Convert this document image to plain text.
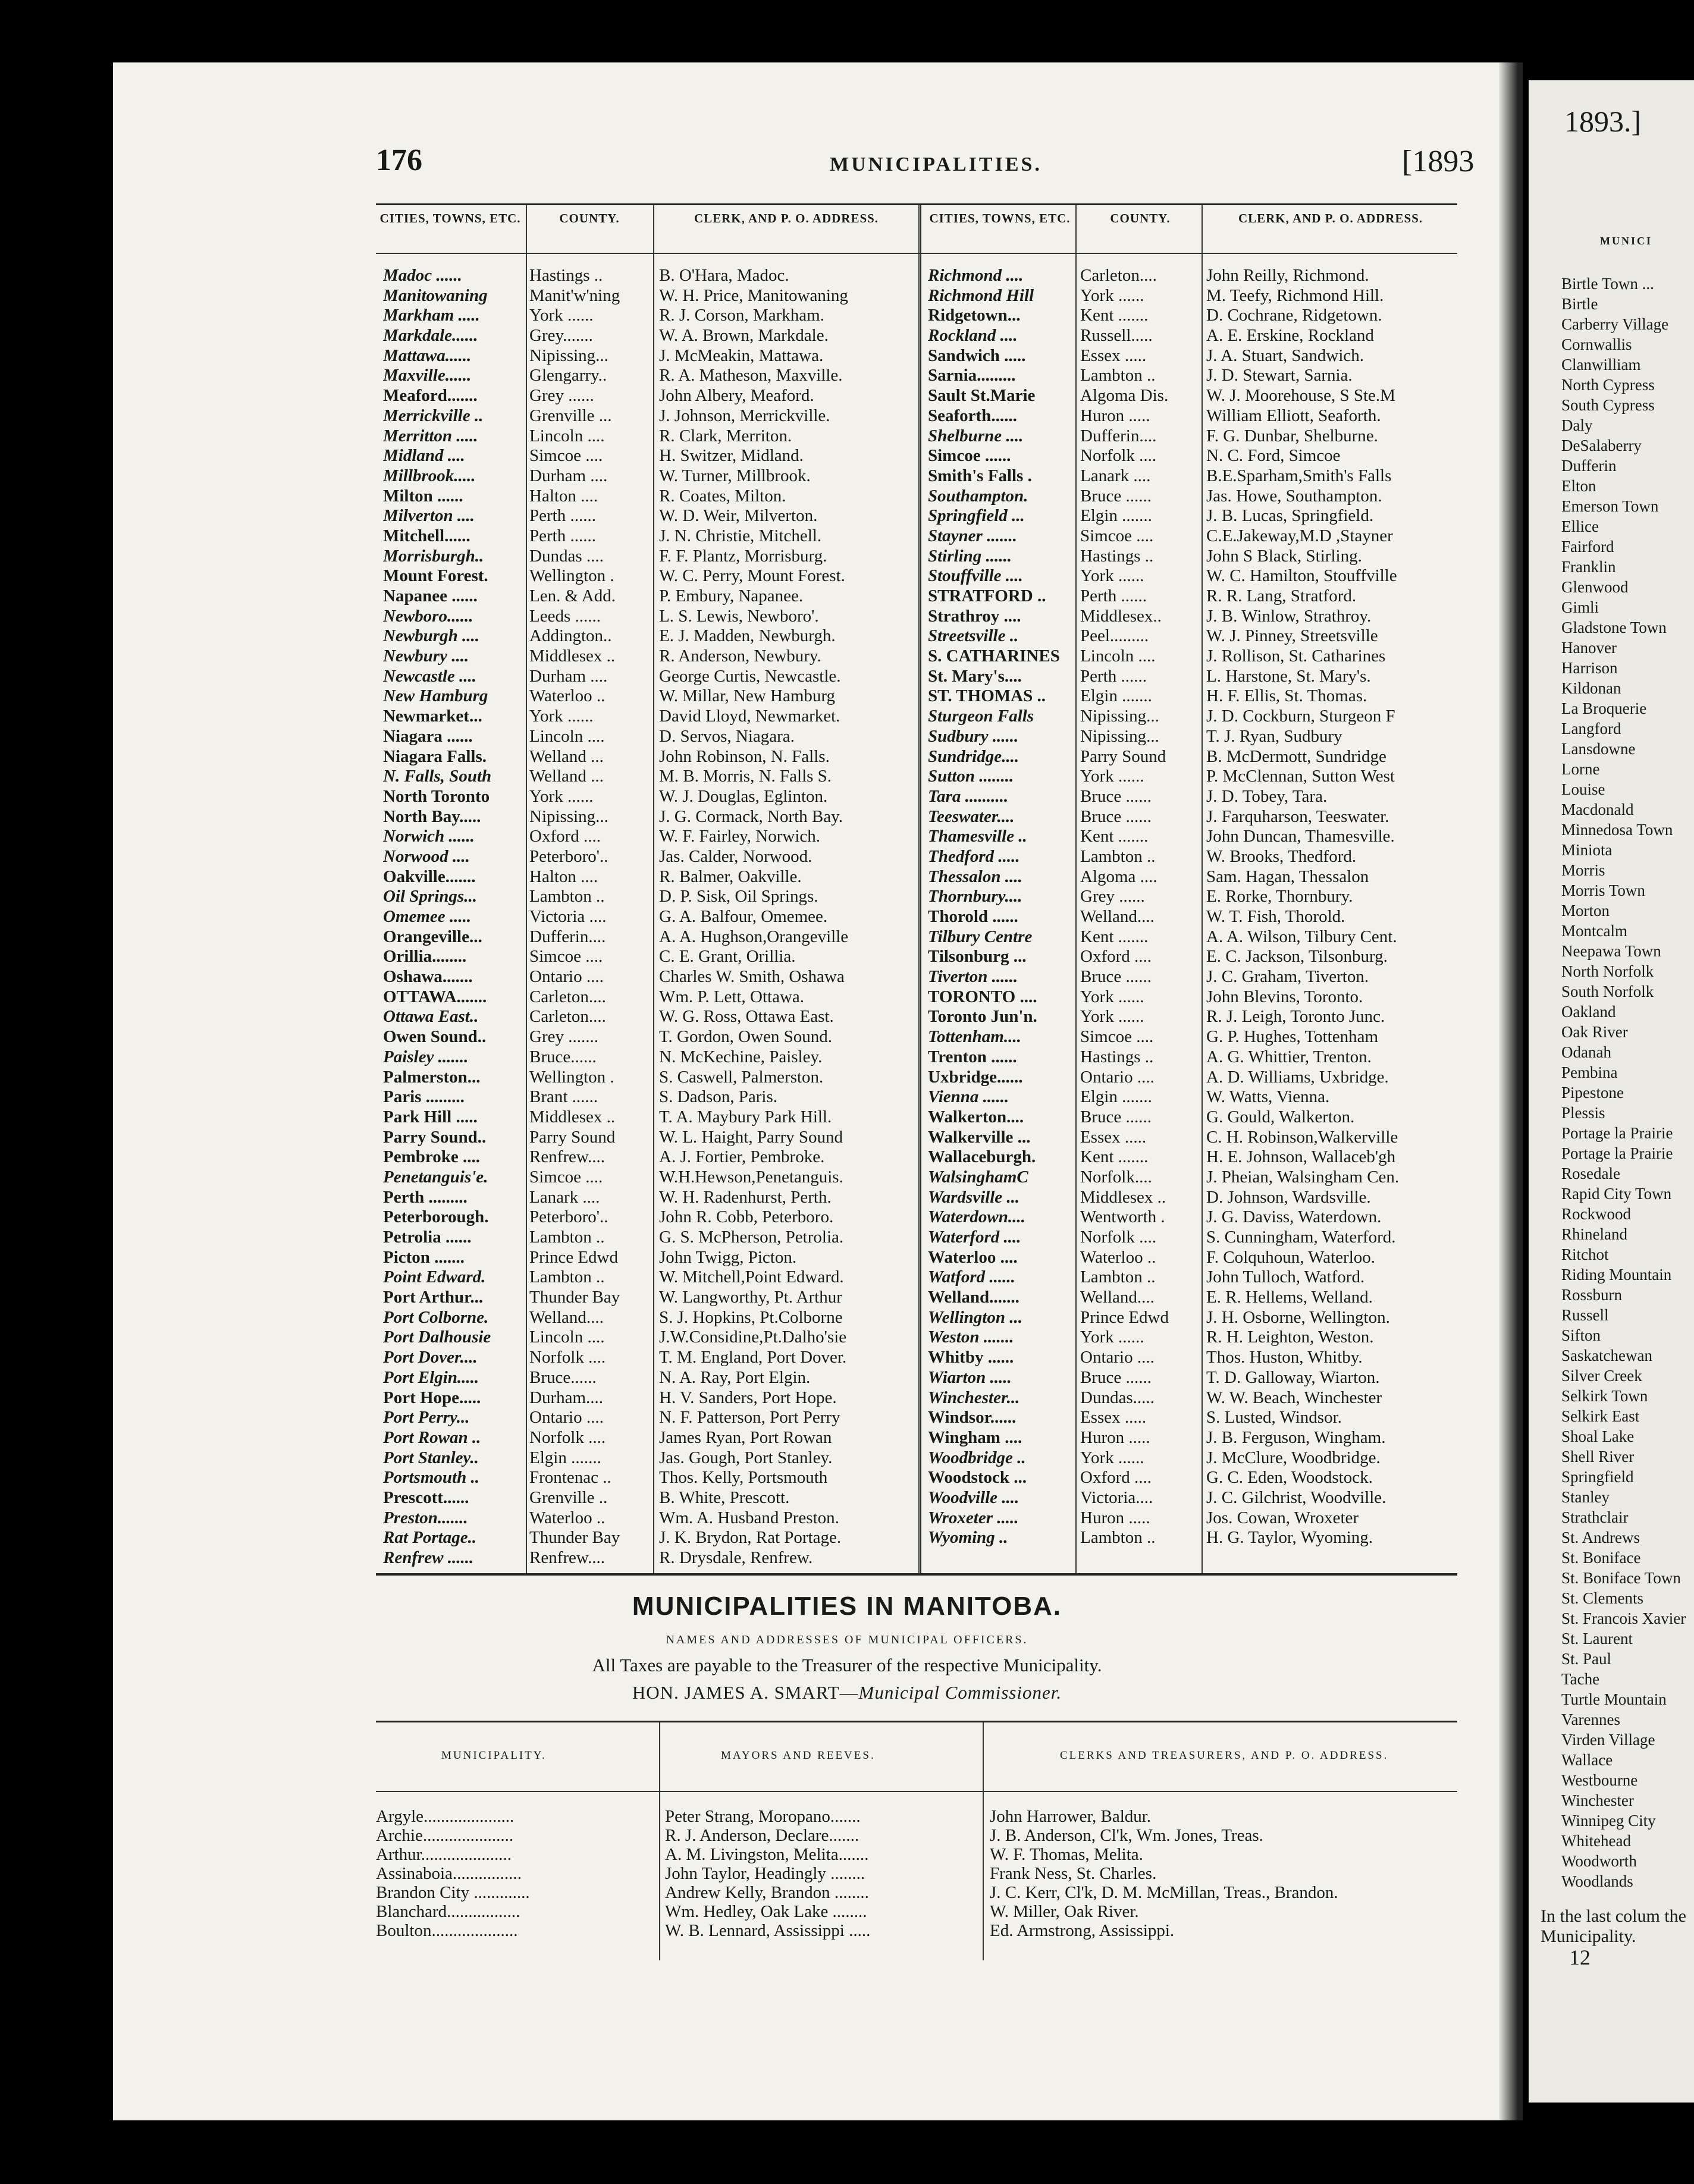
176	MUNICIPALITIES.	[1893
CITIES, TOWNS, ETC.	COUNTY.	CLERK, AND P. O. ADDRESS.	CITIES, TOWNS, ETC.	COUNTY.	CLERK, AND P. O. ADDRESS.
Madoc ......	Hastings ..	B. O'Hara, Madoc.
Manitowaning	Manit'w'ning	W. H. Price, Manitowaning
Markham .....	York ......	R. J. Corson, Markham.
Markdale......	Grey.......	W. A. Brown, Markdale.
Mattawa......	Nipissing...	J. McMeakin, Mattawa.
Maxville......	Glengarry..	R. A. Matheson, Maxville.
Meaford.......	Grey ......	John Albery, Meaford.
Merrickville ..	Grenville ...	J. Johnson, Merrickville.
Merritton .....	Lincoln ....	R. Clark, Merriton.
Midland ....	Simcoe ....	H. Switzer, Midland.
Millbrook.....	Durham ....	W. Turner, Millbrook.
Milton ......	Halton ....	R. Coates, Milton.
Milverton ....	Perth ......	W. D. Weir, Milverton.
Mitchell......	Perth ......	J. N. Christie, Mitchell.
Morrisburgh..	Dundas ....	F. F. Plantz, Morrisburg.
Mount Forest.	Wellington .	W. C. Perry, Mount Forest.
Napanee ......	Len. & Add.	P. Embury, Napanee.
Newboro......	Leeds ......	L. S. Lewis, Newboro'.
Newburgh ....	Addington..	E. J. Madden, Newburgh.
Newbury ....	Middlesex ..	R. Anderson, Newbury.
Newcastle ....	Durham ....	George Curtis, Newcastle.
New Hamburg	Waterloo ..	W. Millar, New Hamburg
Newmarket...	York ......	David Lloyd, Newmarket.
Niagara ......	Lincoln ....	D. Servos, Niagara.
Niagara Falls.	Welland ...	John Robinson, N. Falls.
N. Falls, South	Welland ...	M. B. Morris, N. Falls S.
North Toronto	York ......	W. J. Douglas, Eglinton.
North Bay.....	Nipissing...	J. G. Cormack, North Bay.
Norwich ......	Oxford ....	W. F. Fairley, Norwich.
Norwood ....	Peterboro'..	Jas. Calder, Norwood.
Oakville.......	Halton ....	R. Balmer, Oakville.
Oil Springs...	Lambton ..	D. P. Sisk, Oil Springs.
Omemee .....	Victoria ....	G. A. Balfour, Omemee.
Orangeville...	Dufferin....	A. A. Hughson,Orangeville
Orillia........	Simcoe ....	C. E. Grant, Orillia.
Oshawa.......	Ontario ....	Charles W. Smith, Oshawa
OTTAWA.......	Carleton....	Wm. P. Lett, Ottawa.
Ottawa East..	Carleton....	W. G. Ross, Ottawa East.
Owen Sound..	Grey .......	T. Gordon, Owen Sound.
Paisley .......	Bruce......	N. McKechine, Paisley.
Palmerston...	Wellington .	S. Caswell, Palmerston.
Paris .........	Brant ......	S. Dadson, Paris.
Park Hill .....	Middlesex ..	T. A. Maybury Park Hill.
Parry Sound..	Parry Sound	W. L. Haight, Parry Sound
Pembroke ....	Renfrew....	A. J. Fortier, Pembroke.
Penetanguis'e.	Simcoe ....	W.H.Hewson,Penetanguis.
Perth .........	Lanark ....	W. H. Radenhurst, Perth.
Peterborough.	Peterboro'..	John R. Cobb, Peterboro.
Petrolia ......	Lambton ..	G. S. McPherson, Petrolia.
Picton .......	Prince Edwd	John Twigg, Picton.
Point Edward.	Lambton ..	W. Mitchell,Point Edward.
Port Arthur...	Thunder Bay	W. Langworthy, Pt. Arthur
Port Colborne.	Welland....	S. J. Hopkins, Pt.Colborne
Port Dalhousie	Lincoln ....	J.W.Considine,Pt.Dalho'sie
Port Dover....	Norfolk ....	T. M. England, Port Dover.
Port Elgin.....	Bruce......	N. A. Ray, Port Elgin.
Port Hope.....	Durham....	H. V. Sanders, Port Hope.
Port Perry...	Ontario ....	N. F. Patterson, Port Perry
Port Rowan ..	Norfolk ....	James Ryan, Port Rowan
Port Stanley..	Elgin .......	Jas. Gough, Port Stanley.
Portsmouth ..	Frontenac ..	Thos. Kelly, Portsmouth
Prescott......	Grenville ..	B. White, Prescott.
Preston.......	Waterloo ..	Wm. A. Husband Preston.
Rat Portage..	Thunder Bay	J. K. Brydon, Rat Portage.
Renfrew ......	Renfrew....	R. Drysdale, Renfrew.
Richmond ....	Carleton....	John Reilly, Richmond.
Richmond Hill	York ......	M. Teefy, Richmond Hill.
Ridgetown...	Kent .......	D. Cochrane, Ridgetown.
Rockland ....	Russell.....	A. E. Erskine, Rockland
Sandwich .....	Essex .....	J. A. Stuart, Sandwich.
Sarnia.........	Lambton ..	J. D. Stewart, Sarnia.
Sault St.Marie	Algoma Dis.	W. J. Moorehouse, S Ste.M
Seaforth......	Huron .....	William Elliott, Seaforth.
Shelburne ....	Dufferin....	F. G. Dunbar, Shelburne.
Simcoe ......	Norfolk ....	N. C. Ford, Simcoe
Smith's Falls .	Lanark ....	B.E.Sparham,Smith's Falls
Southampton.	Bruce ......	Jas. Howe, Southampton.
Springfield ...	Elgin .......	J. B. Lucas, Springfield.
Stayner .......	Simcoe ....	C.E.Jakeway,M.D ,Stayner
Stirling ......	Hastings ..	John S Black, Stirling.
Stouffville ....	York ......	W. C. Hamilton, Stouffville
STRATFORD ..	Perth ......	R. R. Lang, Stratford.
Strathroy ....	Middlesex..	J. B. Winlow, Strathroy.
Streetsville ..	Peel.........	W. J. Pinney, Streetsville
S. CATHARINES	Lincoln ....	J. Rollison, St. Catharines
St. Mary's....	Perth ......	L. Harstone, St. Mary's.
ST. THOMAS ..	Elgin .......	H. F. Ellis, St. Thomas.
Sturgeon Falls	Nipissing...	J. D. Cockburn, Sturgeon F
Sudbury ......	Nipissing...	T. J. Ryan, Sudbury
Sundridge....	Parry Sound	B. McDermott, Sundridge
Sutton ........	York ......	P. McClennan, Sutton West
Tara ..........	Bruce ......	J. D. Tobey, Tara.
Teeswater....	Bruce ......	J. Farquharson, Teeswater.
Thamesville ..	Kent .......	John Duncan, Thamesville.
Thedford .....	Lambton ..	W. Brooks, Thedford.
Thessalon ....	Algoma ....	Sam. Hagan, Thessalon
Thornbury....	Grey ......	E. Rorke, Thornbury.
Thorold ......	Welland....	W. T. Fish, Thorold.
Tilbury Centre	Kent .......	A. A. Wilson, Tilbury Cent.
Tilsonburg ...	Oxford ....	E. C. Jackson, Tilsonburg.
Tiverton ......	Bruce ......	J. C. Graham, Tiverton.
TORONTO ....	York ......	John Blevins, Toronto.
Toronto Jun'n.	York ......	R. J. Leigh, Toronto Junc.
Tottenham....	Simcoe ....	G. P. Hughes, Tottenham
Trenton ......	Hastings ..	A. G. Whittier, Trenton.
Uxbridge......	Ontario ....	A. D. Williams, Uxbridge.
Vienna ......	Elgin .......	W. Watts, Vienna.
Walkerton....	Bruce ......	G. Gould, Walkerton.
Walkerville ...	Essex .....	C. H. Robinson,Walkerville
Wallaceburgh.	Kent .......	H. E. Johnson, Wallaceb'gh
WalsinghamC	Norfolk....	J. Pheian, Walsingham Cen.
Wardsville ...	Middlesex ..	D. Johnson, Wardsville.
Waterdown....	Wentworth .	J. G. Daviss, Waterdown.
Waterford ....	Norfolk ....	S. Cunningham, Waterford.
Waterloo ....	Waterloo ..	F. Colquhoun, Waterloo.
Watford ......	Lambton ..	John Tulloch, Watford.
Welland.......	Welland....	E. R. Hellems, Welland.
Wellington ...	Prince Edwd	J. H. Osborne, Wellington.
Weston .......	York ......	R. H. Leighton, Weston.
Whitby ......	Ontario ....	Thos. Huston, Whitby.
Wiarton .....	Bruce ......	T. D. Galloway, Wiarton.
Winchester...	Dundas.....	W. W. Beach, Winchester
Windsor......	Essex .....	S. Lusted, Windsor.
Wingham ....	Huron .....	J. B. Ferguson, Wingham.
Woodbridge ..	York ......	J. McClure, Woodbridge.
Woodstock ...	Oxford ....	G. C. Eden, Woodstock.
Woodville ....	Victoria....	J. C. Gilchrist, Woodville.
Wroxeter .....	Huron .....	Jos. Cowan, Wroxeter
Wyoming ..	Lambton ..	H. G. Taylor, Wyoming.
MUNICIPALITIES IN MANITOBA.
NAMES AND ADDRESSES OF MUNICIPAL OFFICERS.
All Taxes are payable to the Treasurer of the respective Municipality.
HON. JAMES A. SMART—Municipal Commissioner.
MUNICIPALITY.	MAYORS AND REEVES.	CLERKS AND TREASURERS, AND P. O. ADDRESS.
Argyle.....................	Peter Strang, Moropano.......	John Harrower, Baldur.
Archie.....................	R. J. Anderson, Declare.......	J. B. Anderson, Cl'k, Wm. Jones, Treas.
Arthur.....................	A. M. Livingston, Melita.......	W. F. Thomas, Melita.
Assinaboia................	John Taylor, Headingly ........	Frank Ness, St. Charles.
Brandon City .............	Andrew Kelly, Brandon ........	J. C. Kerr, Cl'k, D. M. McMillan, Treas., Brandon.
Blanchard.................	Wm. Hedley, Oak Lake ........	W. Miller, Oak River.
Boulton....................	W. B. Lennard, Assissippi .....	Ed. Armstrong, Assissippi.
1893.]
MUNICI
Birtle Town ...
Birtle
Carberry Village
Cornwallis
Clanwilliam
North Cypress
South Cypress
Daly
DeSalaberry
Dufferin
Elton
Emerson Town
Ellice
Fairford
Franklin
Glenwood
Gimli
Gladstone Town
Hanover
Harrison
Kildonan
La Broquerie
Langford
Lansdowne
Lorne
Louise
Macdonald
Minnedosa Town
Miniota
Morris
Morris Town
Morton
Montcalm
Neepawa Town
North Norfolk
South Norfolk
Oakland
Oak River
Odanah
Pembina
Pipestone
Plessis
Portage la Prairie
Portage la Prairie
Rosedale
Rapid City Town
Rockwood
Rhineland
Ritchot
Riding Mountain
Rossburn
Russell
Sifton
Saskatchewan
Silver Creek
Selkirk Town
Selkirk East
Shoal Lake
Shell River
Springfield
Stanley
Strathclair
St. Andrews
St. Boniface
St. Boniface Town
St. Clements
St. Francois Xavier
St. Laurent
St. Paul
Tache
Turtle Mountain
Varennes
Virden Village
Wallace
Westbourne
Winchester
Winnipeg City
Whitehead
Woodworth
Woodlands
In the last colum the Municipality.
12
